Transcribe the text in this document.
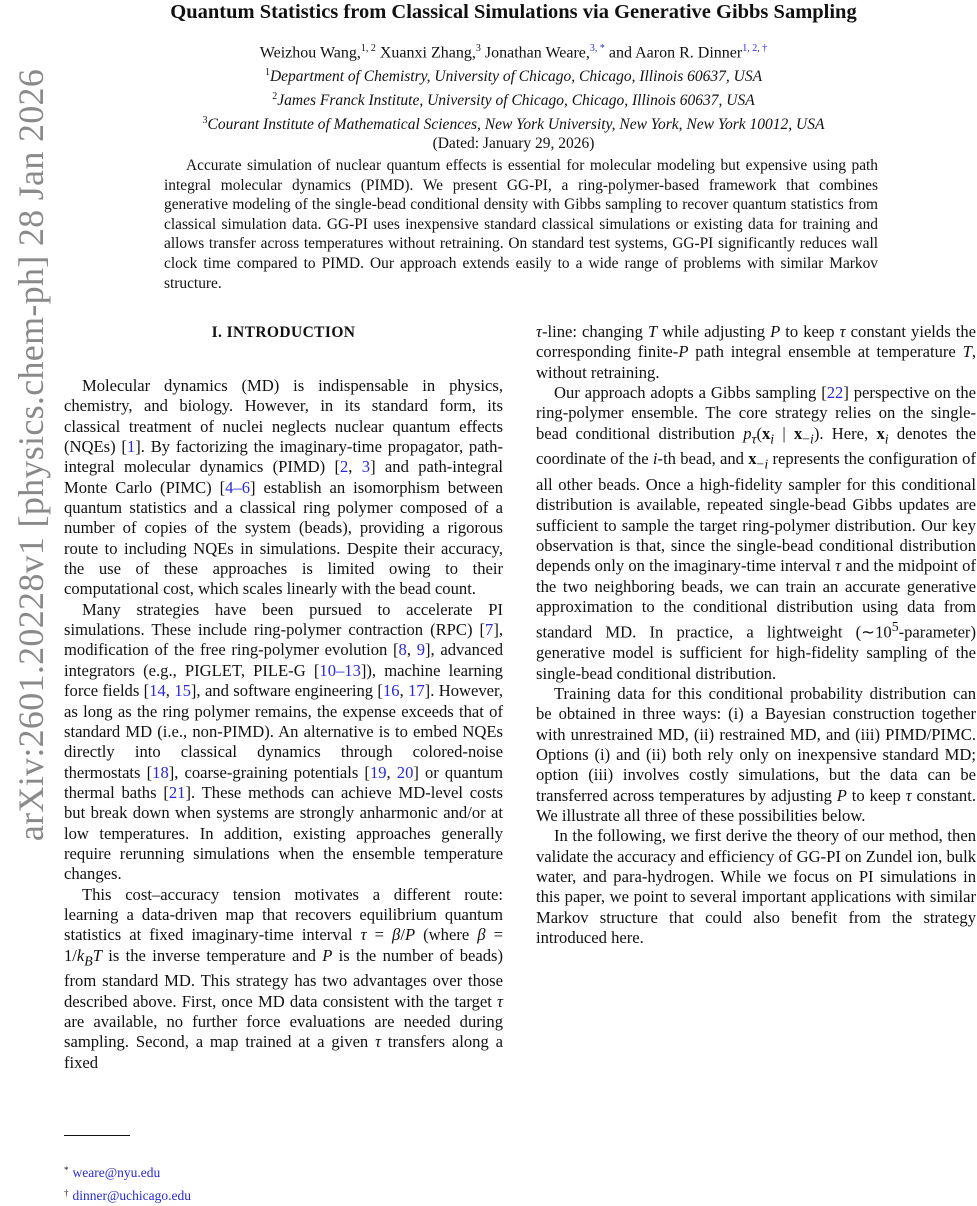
arXiv:2601.20228v1 [physics.chem-ph] 28 Jan 2026
Quantum Statistics from Classical Simulations via Generative Gibbs Sampling
Weizhou Wang,$^{1, 2}$ Xuanxi Zhang,$^3$ Jonathan Weare,$^{3, *}$ and Aaron R. Dinner$^{1, 2, \dagger}$
$^1$Department of Chemistry, University of Chicago, Chicago, Illinois 60637, USA
$^2$James Franck Institute, University of Chicago, Chicago, Illinois 60637, USA
$^3$Courant Institute of Mathematical Sciences, New York University, New York, New York 10012, USA
(Dated: January 29, 2026)

Accurate simulation of nuclear quantum effects is essential for molecular modeling but expensive using path integral molecular dynamics (PIMD). We present GG-PI, a ring-polymer-based framework that combines generative modeling of the single-bead conditional density with Gibbs sampling to recover quantum statistics from classical simulation data. GG-PI uses inexpensive standard classical simulations or existing data for training and allows transfer across temperatures without retraining. On standard test systems, GG-PI significantly reduces wall clock time compared to PIMD. Our approach extends easily to a wide range of problems with similar Markov structure.

I. INTRODUCTION

Molecular dynamics (MD) is indispensable in physics, chemistry, and biology. However, in its standard form, its classical treatment of nuclei neglects nuclear quantum effects (NQEs) [1]. By factorizing the imaginary-time propagator, path-integral molecular dynamics (PIMD) [2, 3] and path-integral Monte Carlo (PIMC) [4–6] establish an isomorphism between quantum statistics and a classical ring polymer composed of a number of copies of the system (beads), providing a rigorous route to including NQEs in simulations. Despite their accuracy, the use of these approaches is limited owing to their computational cost, which scales linearly with the bead count.

Many strategies have been pursued to accelerate PI simulations. These include ring-polymer contraction (RPC) [7], modification of the free ring-polymer evolution [8, 9], advanced integrators (e.g., PIGLET, PILE-G [10–13]), machine learning force fields [14, 15], and software engineering [16, 17]. However, as long as the ring polymer remains, the expense exceeds that of standard MD (i.e., non-PIMD). An alternative is to embed NQEs directly into classical dynamics through colored-noise thermostats [18], coarse-graining potentials [19, 20] or quantum thermal baths [21]. These methods can achieve MD-level costs but break down when systems are strongly anharmonic and/or at low temperatures. In addition, existing approaches generally require rerunning simulations when the ensemble temperature changes.

This cost–accuracy tension motivates a different route: learning a data-driven map that recovers equilibrium quantum statistics at fixed imaginary-time interval τ = β/P (where $\beta = 1/k_BT$ is the inverse temperature and P is the number of beads) from standard MD. This strategy has two advantages over those described above. First, once MD data consistent with the target τ are available, no further force evaluations are needed during sampling. Second, a map trained at a given τ transfers along a fixed

τ-line: changing T while adjusting P to keep τ constant yields the corresponding finite-P path integral ensemble at temperature T, without retraining.

Our approach adopts a Gibbs sampling [22] perspective on the ring-polymer ensemble. The core strategy relies on the single-bead conditional distribution $p_\tau(x_i$ | $x_{-i}$). Here, $x_i$ denotes the coordinate of the i-th bead, and $x_{-i}$ represents the configuration of all other beads. Once a high-fidelity sampler for this conditional distribution is available, repeated single-bead Gibbs updates are sufficient to sample the target ring-polymer distribution. Our key observation is that, since the single-bead conditional distribution depends only on the imaginary-time interval τ and the midpoint of the two neighboring beads, we can train an accurate generative approximation to the conditional distribution using data from standard MD. In practice, a lightweight $(\sim 10^5-parameter)$ generative model is sufficient for high-fidelity sampling of the single-bead conditional distribution.

Training data for this conditional probability distribution can be obtained in three ways: (i) a Bayesian construction together with unrestrained MD, (ii) restrained MD, and (iii) PIMD/PIMC. Options (i) and (ii) both rely only on inexpensive standard MD; option (iii) involves costly simulations, but the data can be transferred across temperatures by adjusting P to keep τ constant. We illustrate all three of these possibilities below.

In the following, we first derive the theory of our method, then validate the accuracy and efficiency of GG-PI on Zundel ion, bulk water, and para-hydrogen. While we focus on PI simulations in this paper, we point to several important applications with similar Markov structure that could also benefit from the strategy introduced here.

* weare@nyu.edu
† dinner@uchicago.edu
